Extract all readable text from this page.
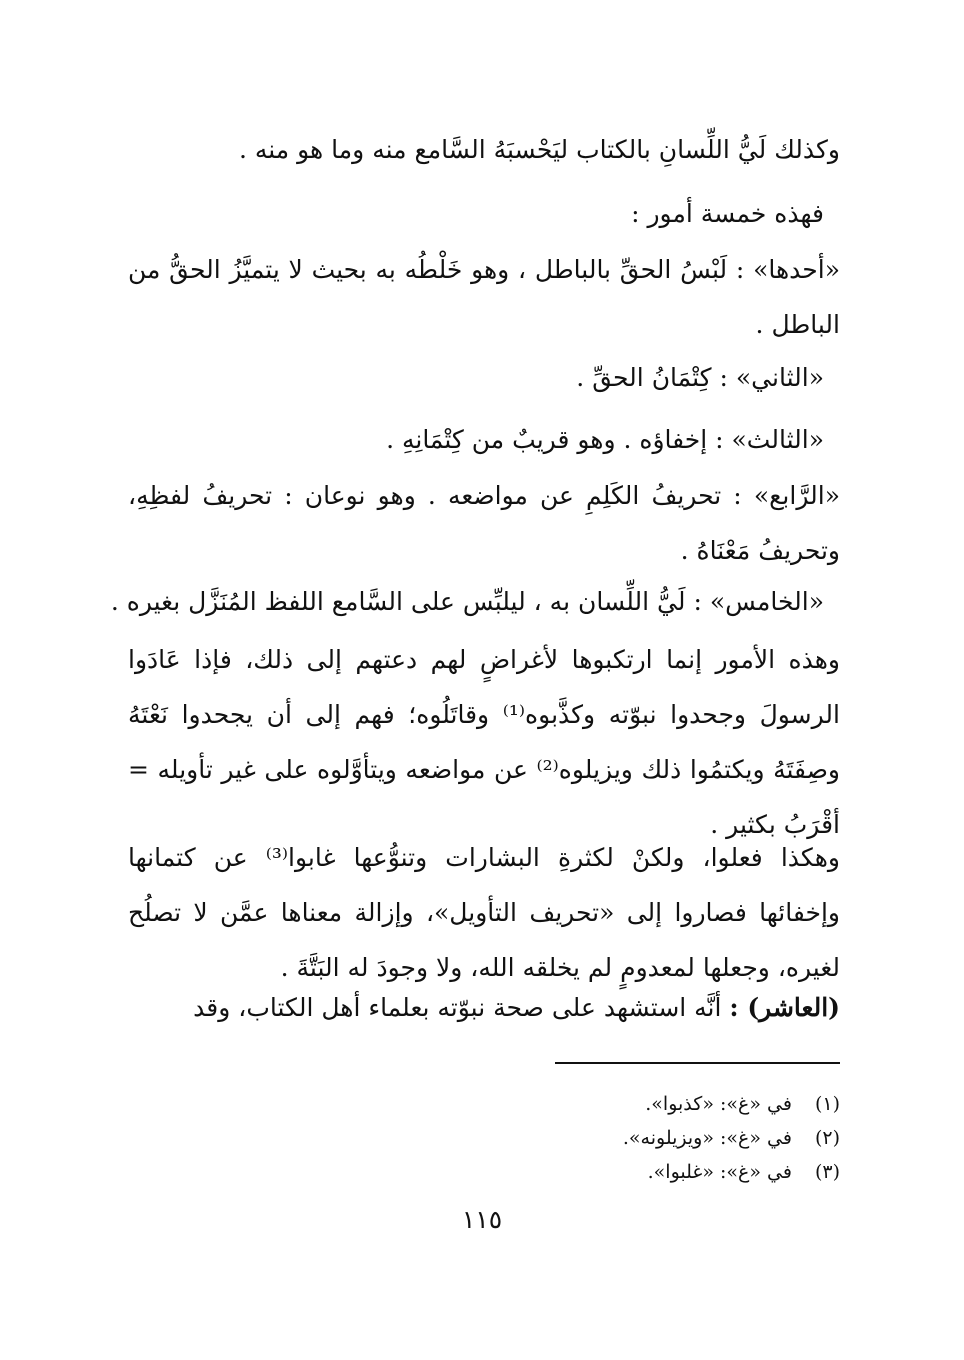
وكذلك لَيُّ اللِّسانِ بالكتاب ليَحْسبَهُ السَّامع منه وما هو منه .
فهذه خمسة أمور :
«أحدها» : لَبْسُ الحقِّ بالباطل ، وهو خَلْطُه به بحيث لا يتميَّزُ الحقُّ من الباطل .
«الثاني» : كِتْمَانُ الحقِّ .
«الثالث» : إخفاؤه . وهو قريبٌ من كِتْمَانِهِ .
«الرَّابع» : تحريفُ الكَلِمِ عن مواضعه . وهو نوعان : تحريفُ لفظِهِ، وتحريفُ مَعْنَاهُ .
«الخامس» : لَيُّ اللِّسان به ، ليلبِّس على السَّامع اللفظ المُنَزَّل بغيره .
وهذه الأمور إنما ارتكبوها لأغراضٍ لهم دعتهم إلى ذلك، فإذا عَادَوا الرسولَ وجحدوا نبوّته وكذَّبوه⁽¹⁾ وقاتَلُوه؛ فهم إلى أن يجحدوا نَعْتَهُ وصِفَتَهُ ويكتمُوا ذلك ويزيلوه⁽²⁾ عن مواضعه ويتأوَّلوه على غير تأويله = أقْرَبُ بكثير .
وهكذا فعلوا، ولكنْ لكثرةِ البشارات وتنوُّعها غابوا⁽³⁾ عن كتمانها وإخفائها فصاروا إلى «تحريف التأويل»، وإزالة معناها عمَّن لا تصلُح لغيره، وجعلها لمعدومٍ لم يخلقه الله، ولا وجودَ له البَتَّةَ .
(العاشر) : أنَّه استشهد على صحة نبوّته بعلماء أهل الكتاب، وقد
(١) في «غ»: «كذبوا».
(٢) في «غ»: «ويزيلونه».
(٣) في «غ»: «غلبوا».
١١٥
